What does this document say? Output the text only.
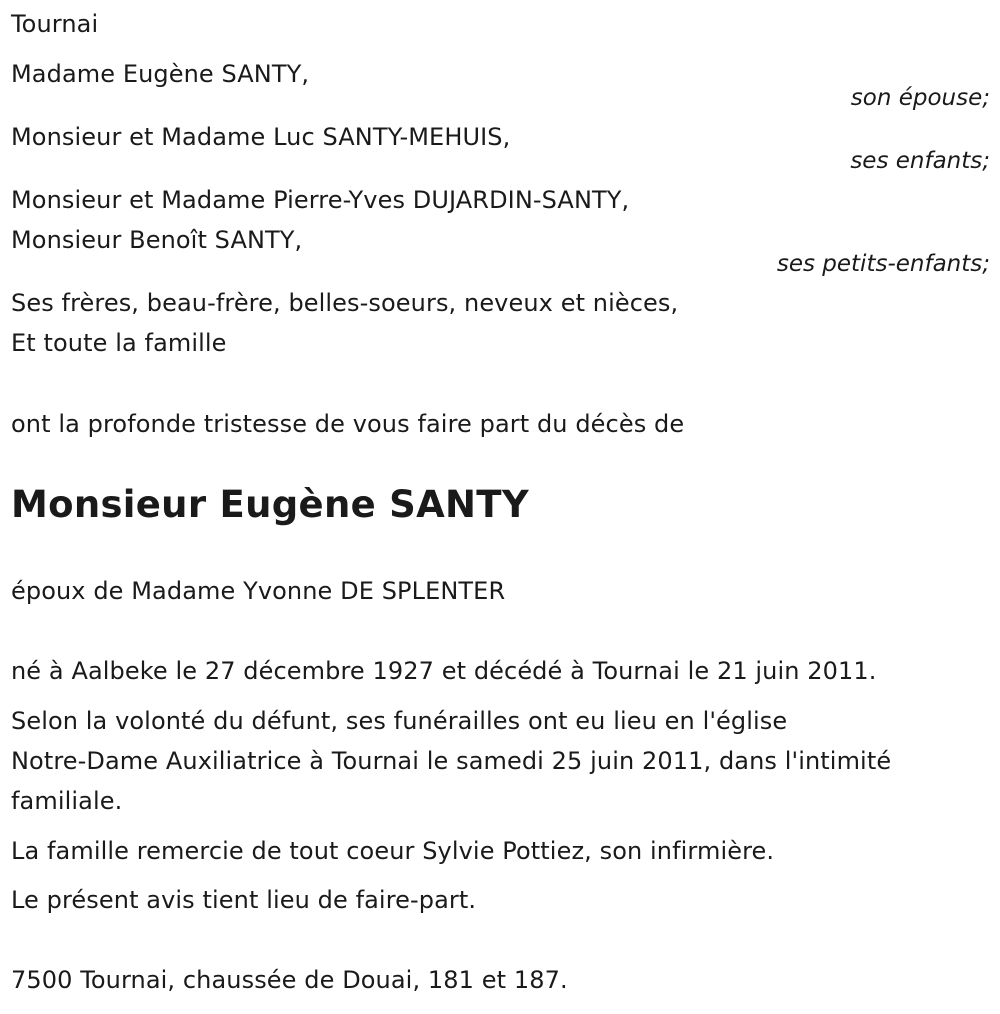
Tournai
Madame Eugène SANTY,
son épouse;
Monsieur et Madame Luc SANTY-MEHUIS,
ses enfants;
Monsieur et Madame Pierre-Yves DUJARDIN-SANTY,
Monsieur Benoît SANTY,
ses petits-enfants;
Ses frères, beau-frère, belles-soeurs, neveux et nièces,
Et toute la famille
ont la profonde tristesse de vous faire part du décès de
Monsieur Eugène SANTY
époux de Madame Yvonne DE SPLENTER
né à Aalbeke le 27 décembre 1927 et décédé à Tournai le 21 juin 2011.
Selon la volonté du défunt, ses funérailles ont eu lieu en l'église
Notre-Dame Auxiliatrice à Tournai le samedi 25 juin 2011, dans l'intimité
familiale.
La famille remercie de tout coeur Sylvie Pottiez, son infirmière.
Le présent avis tient lieu de faire-part.
7500 Tournai, chaussée de Douai, 181 et 187.
